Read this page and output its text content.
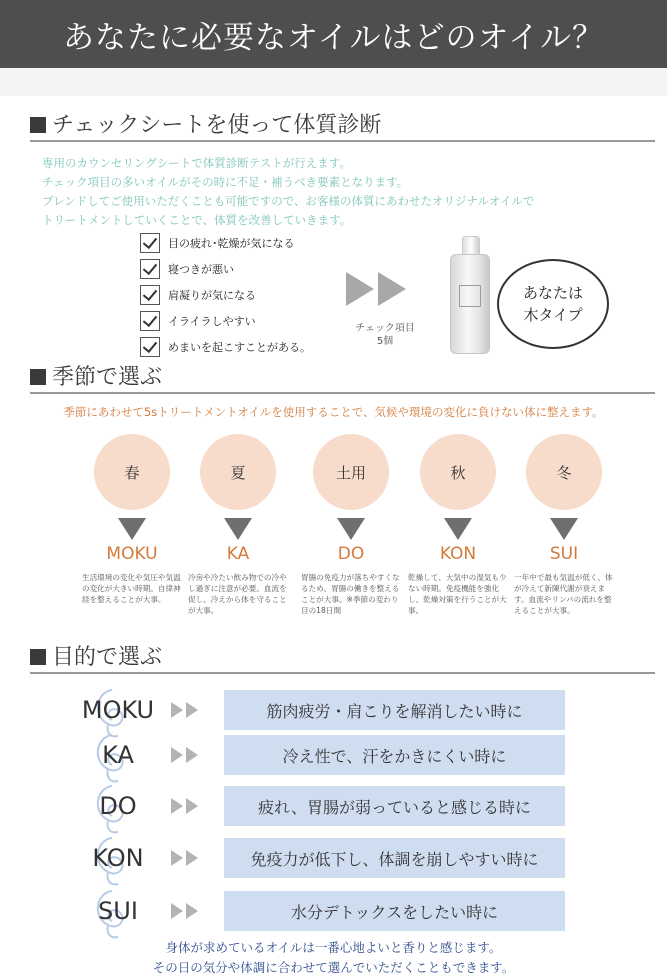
あなたに必要なオイルはどのオイル？
チェックシートを使って体質診断
専用のカウンセリングシートで体質診断テストが行えます。
チェック項目の多いオイルがその時に不足・補うべき要素となります。
ブレンドしてご使用いただくことも可能ですので、お客様の体質にあわせたオリジナルオイルで
トリートメントしていくことで、体質を改善していきます。
目の疲れ･乾燥が気になる
寝つきが悪い
肩凝りが気になる
イライラしやすい
めまいを起こすことがある。
チェック項目
5個
あなたは
木タイプ
季節で選ぶ
季節にあわせて5sトリートメントオイルを使用することで、気候や環境の変化に負けない体に整えます。
春
MOKU
生活環境の変化や気圧や気温の変化が大きい時期。自律神経を整えることが大事。
夏
KA
冷房や冷たい飲み物での冷やし過ぎに注意が必要。血流を促し、冷えから体を守ることが大事。
土用
DO
胃腸の免疫力が落ちやすくなるため、胃腸の働きを整えることが大事。※季節の変わり目の18日間
秋
KON
乾燥して、大気中の湿気も少ない時期。免疫機能を強化し、乾燥対策を行うことが大事。
冬
SUI
一年中で最も気温が低く、体が冷えて新陳代謝が衰えます。血流やリンパの流れを整えることが大事。
目的で選ぶ
MOKU	筋肉疲労・肩こりを解消したい時に
KA	冷え性で、汗をかきにくい時に
DO	疲れ、胃腸が弱っていると感じる時に
KON	免疫力が低下し、体調を崩しやすい時に
SUI	水分デトックスをしたい時に
身体が求めているオイルは一番心地よいと香りと感じます。
その日の気分や体調に合わせて選んでいただくこともできます。
